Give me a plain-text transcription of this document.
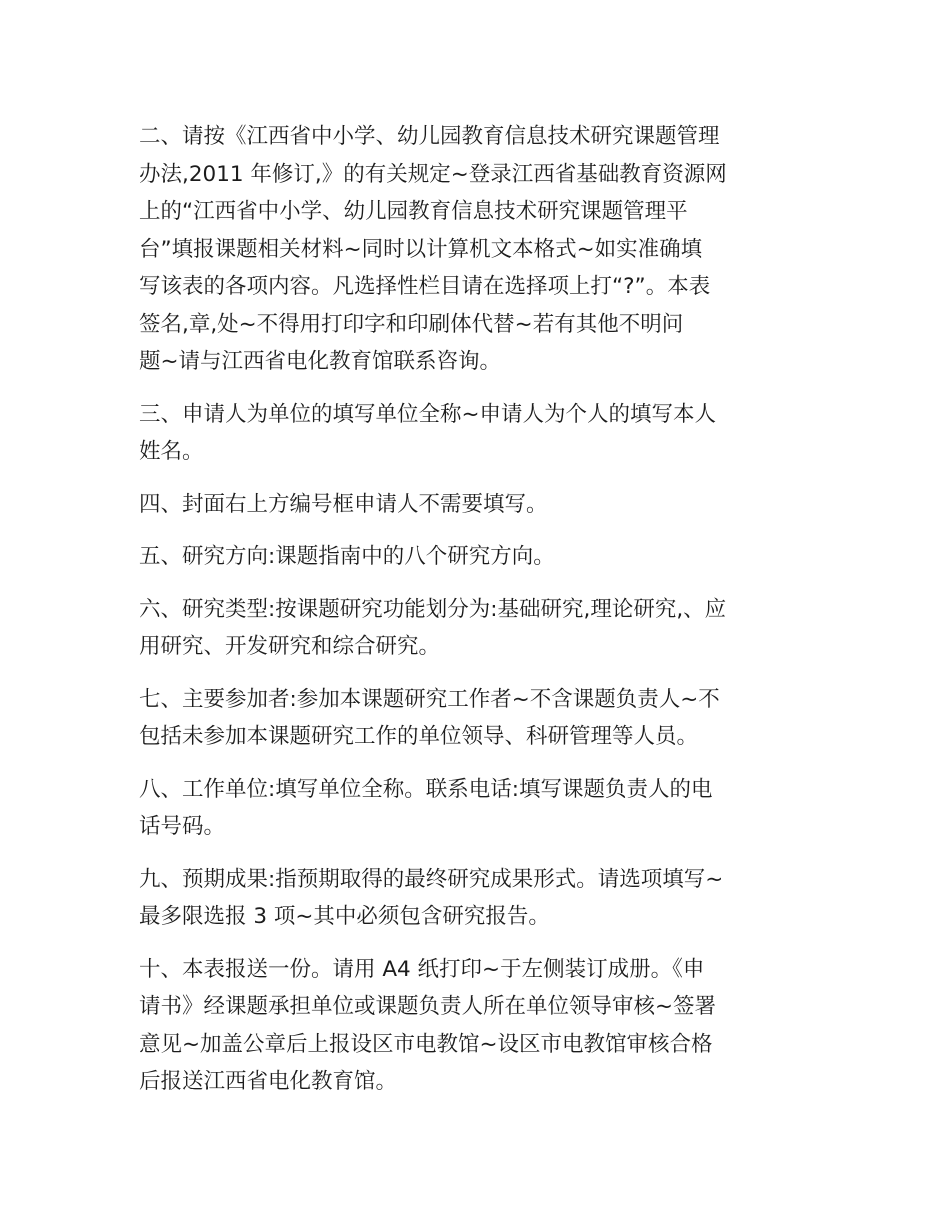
二、请按《江西省中小学、幼儿园教育信息技术研究课题管理
办法,2011 年修订,》的有关规定~登录江西省基础教育资源网
上的“江西省中小学、幼儿园教育信息技术研究课题管理平
台”填报课题相关材料~同时以计算机文本格式~如实准确填
写该表的各项内容。凡选择性栏目请在选择项上打“?”。本表
签名,章,处~不得用打印字和印刷体代替~若有其他不明问
题~请与江西省电化教育馆联系咨询。

三、申请人为单位的填写单位全称~申请人为个人的填写本人
姓名。

四、封面右上方编号框申请人不需要填写。

五、研究方向:课题指南中的八个研究方向。

六、研究类型:按课题研究功能划分为:基础研究,理论研究,、应
用研究、开发研究和综合研究。

七、主要参加者:参加本课题研究工作者~不含课题负责人~不
包括未参加本课题研究工作的单位领导、科研管理等人员。

八、工作单位:填写单位全称。联系电话:填写课题负责人的电
话号码。

九、预期成果:指预期取得的最终研究成果形式。请选项填写~
最多限选报 3 项~其中必须包含研究报告。

十、本表报送一份。请用 A4 纸打印~于左侧装订成册。《申
请书》经课题承担单位或课题负责人所在单位领导审核~签署
意见~加盖公章后上报设区市电教馆~设区市电教馆审核合格
后报送江西省电化教育馆。
